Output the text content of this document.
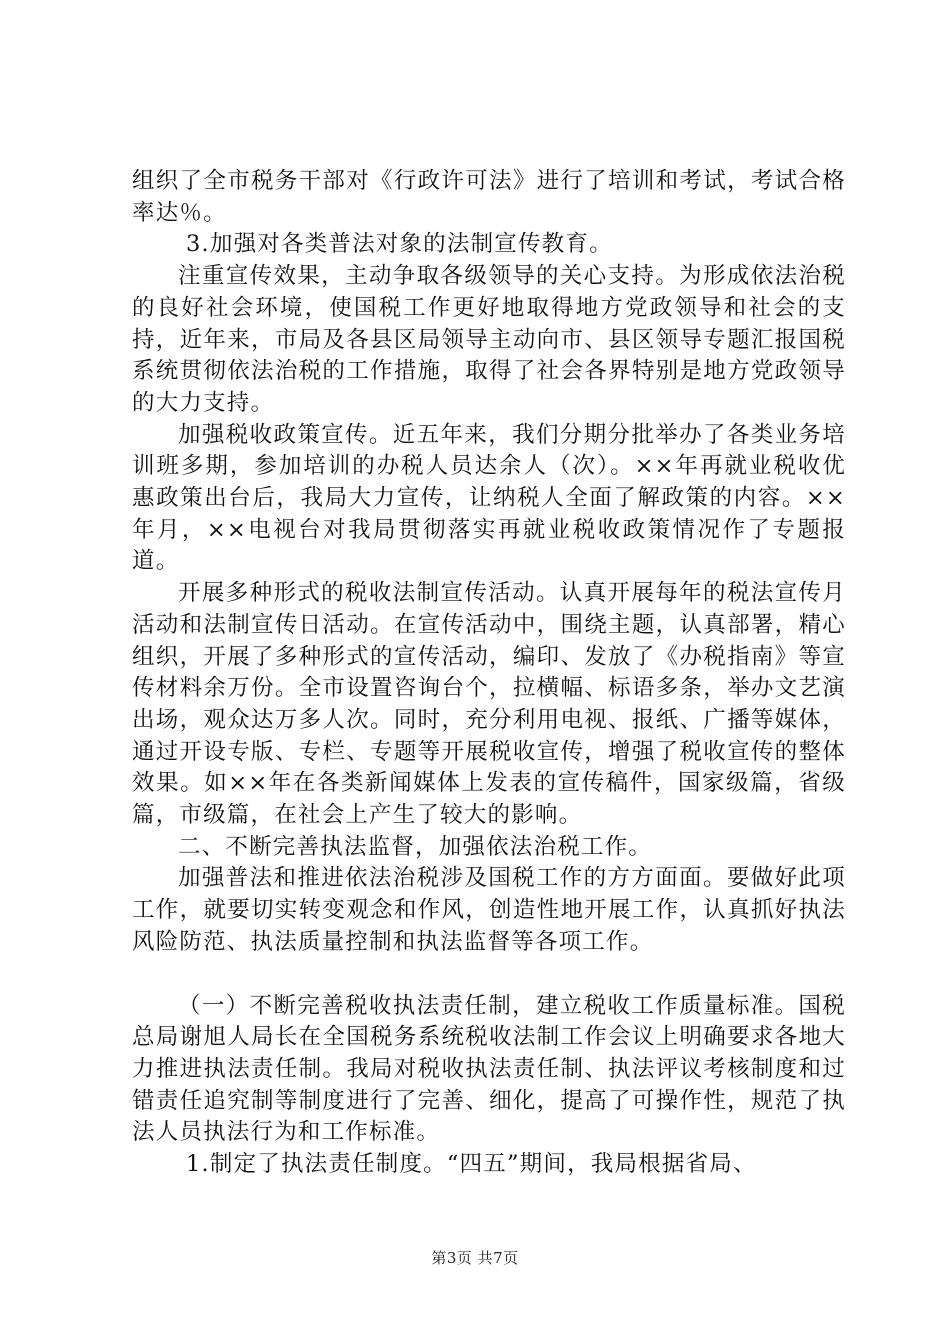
组织了全市税务干部对《行政许可法》进行了培训和考试，考试合格率达％。

3.加强对各类普法对象的法制宣传教育。

注重宣传效果，主动争取各级领导的关心支持。为形成依法治税的良好社会环境，使国税工作更好地取得地方党政领导和社会的支持，近年来，市局及各县区局领导主动向市、县区领导专题汇报国税系统贯彻依法治税的工作措施，取得了社会各界特别是地方党政领导的大力支持。

加强税收政策宣传。近五年来，我们分期分批举办了各类业务培训班多期，参加培训的办税人员达余人（次）。××年再就业税收优惠政策出台后，我局大力宣传，让纳税人全面了解政策的内容。××年月，××电视台对我局贯彻落实再就业税收政策情况作了专题报道。

开展多种形式的税收法制宣传活动。认真开展每年的税法宣传月活动和法制宣传日活动。在宣传活动中，围绕主题，认真部署，精心组织，开展了多种形式的宣传活动，编印、发放了《办税指南》等宣传材料余万份。全市设置咨询台个，拉横幅、标语多条，举办文艺演出场，观众达万多人次。同时，充分利用电视、报纸、广播等媒体，通过开设专版、专栏、专题等开展税收宣传，增强了税收宣传的整体效果。如××年在各类新闻媒体上发表的宣传稿件，国家级篇，省级篇，市级篇，在社会上产生了较大的影响。

二、不断完善执法监督，加强依法治税工作。

加强普法和推进依法治税涉及国税工作的方方面面。要做好此项工作，就要切实转变观念和作风，创造性地开展工作，认真抓好执法风险防范、执法质量控制和执法监督等各项工作。

（一）不断完善税收执法责任制，建立税收工作质量标准。国税总局谢旭人局长在全国税务系统税收法制工作会议上明确要求各地大力推进执法责任制。我局对税收执法责任制、执法评议考核制度和过错责任追究制等制度进行了完善、细化，提高了可操作性，规范了执法人员执法行为和工作标准。

1.制定了执法责任制度。“四五”期间，我局根据省局、

第3页 共7页
